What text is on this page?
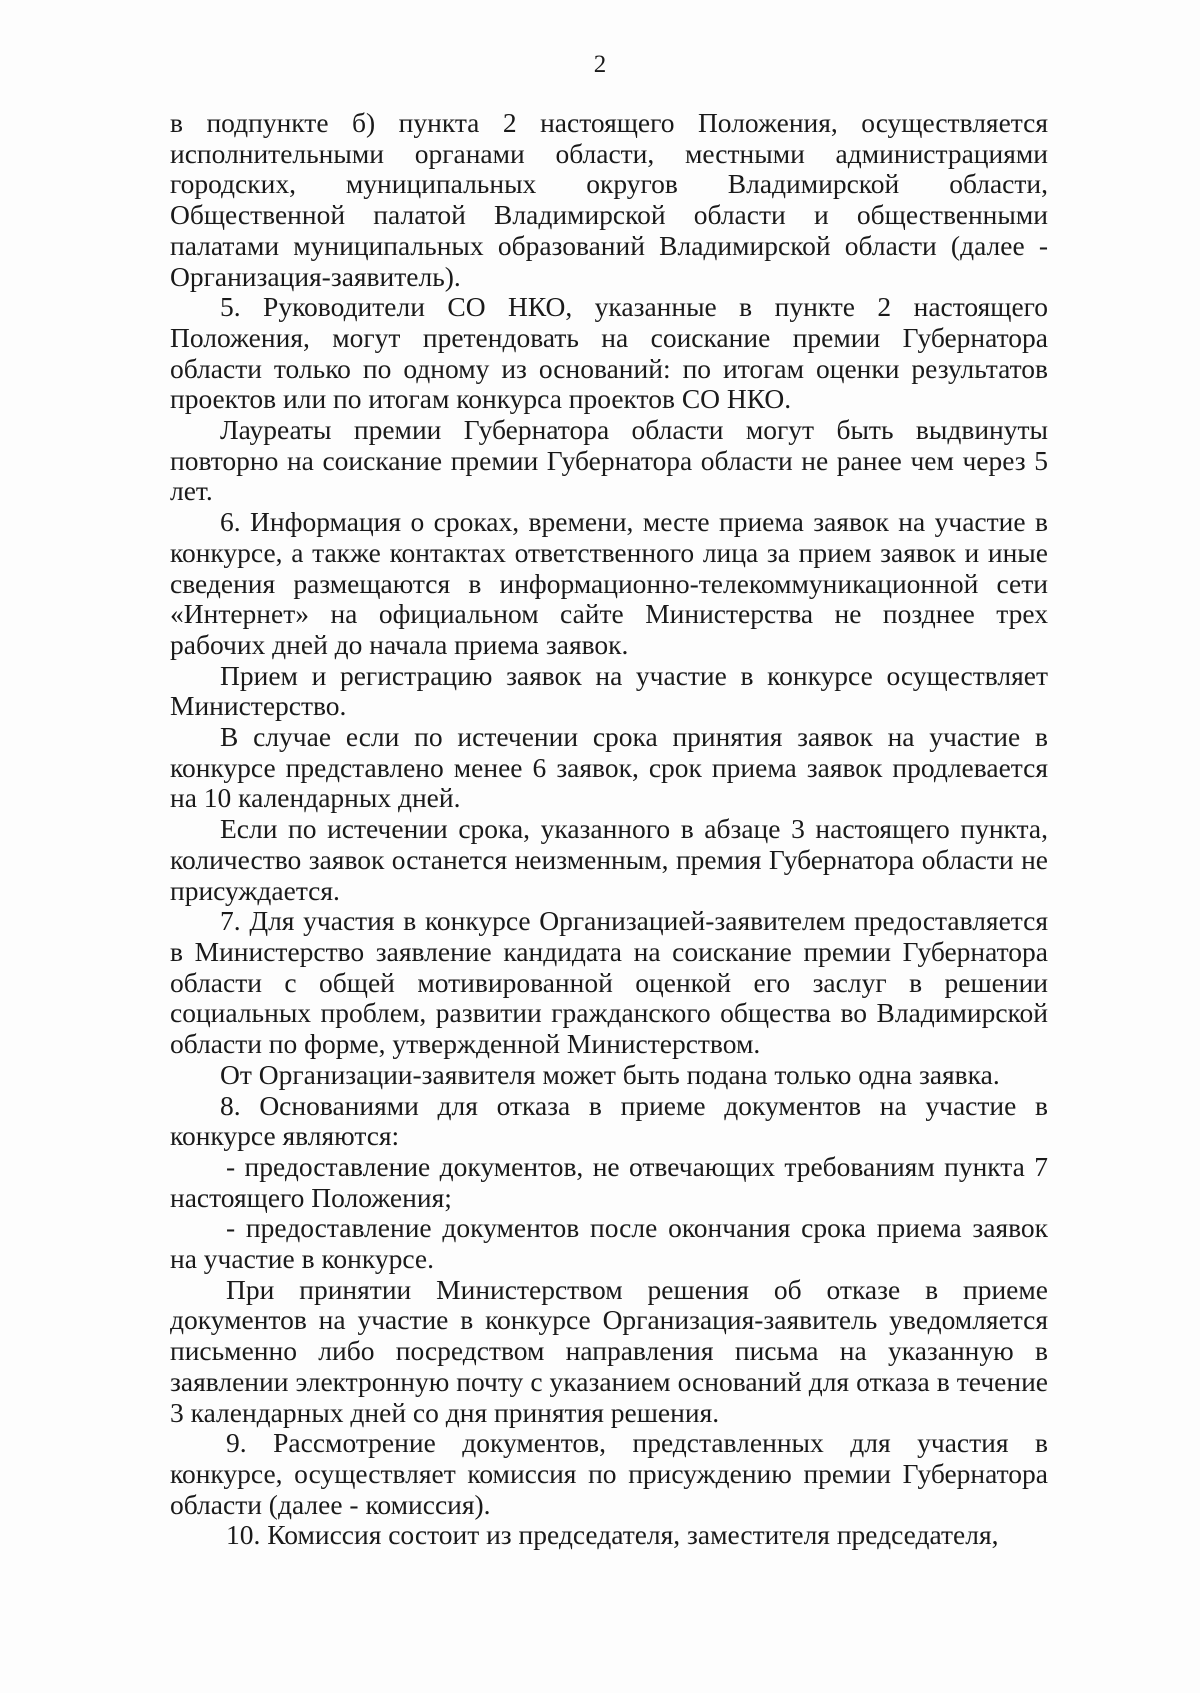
2

в подпункте б) пункта 2 настоящего Положения, осуществляется исполнительными органами области, местными администрациями городских, муниципальных округов Владимирской области, Общественной палатой Владимирской области и общественными палатами муниципальных образований Владимирской области (далее - Организация-заявитель).

5. Руководители СО НКО, указанные в пункте 2 настоящего Положения, могут претендовать на соискание премии Губернатора области только по одному из оснований: по итогам оценки результатов проектов или по итогам конкурса проектов СО НКО.

Лауреаты премии Губернатора области могут быть выдвинуты повторно на соискание премии Губернатора области не ранее чем через 5 лет.

6. Информация о сроках, времени, месте приема заявок на участие в конкурсе, а также контактах ответственного лица за прием заявок и иные сведения размещаются в информационно-телекоммуникационной сети «Интернет» на официальном сайте Министерства не позднее трех рабочих дней до начала приема заявок.

Прием и регистрацию заявок на участие в конкурсе осуществляет Министерство.

В случае если по истечении срока принятия заявок на участие в конкурсе представлено менее 6 заявок, срок приема заявок продлевается на 10 календарных дней.

Если по истечении срока, указанного в абзаце 3 настоящего пункта, количество заявок останется неизменным, премия Губернатора области не присуждается.

7. Для участия в конкурсе Организацией-заявителем предоставляется в Министерство заявление кандидата на соискание премии Губернатора области с общей мотивированной оценкой его заслуг в решении социальных проблем, развитии гражданского общества во Владимирской области по форме, утвержденной Министерством.

От Организации-заявителя может быть подана только одна заявка.

8. Основаниями для отказа в приеме документов на участие в конкурсе являются:

- предоставление документов, не отвечающих требованиям пункта 7 настоящего Положения;

- предоставление документов после окончания срока приема заявок на участие в конкурсе.

При принятии Министерством решения об отказе в приеме документов на участие в конкурсе Организация-заявитель уведомляется письменно либо посредством направления письма на указанную в заявлении электронную почту с указанием оснований для отказа в течение 3 календарных дней со дня принятия решения.

9. Рассмотрение документов, представленных для участия в конкурсе, осуществляет комиссия по присуждению премии Губернатора области (далее - комиссия).

10. Комиссия состоит из председателя, заместителя председателя,
